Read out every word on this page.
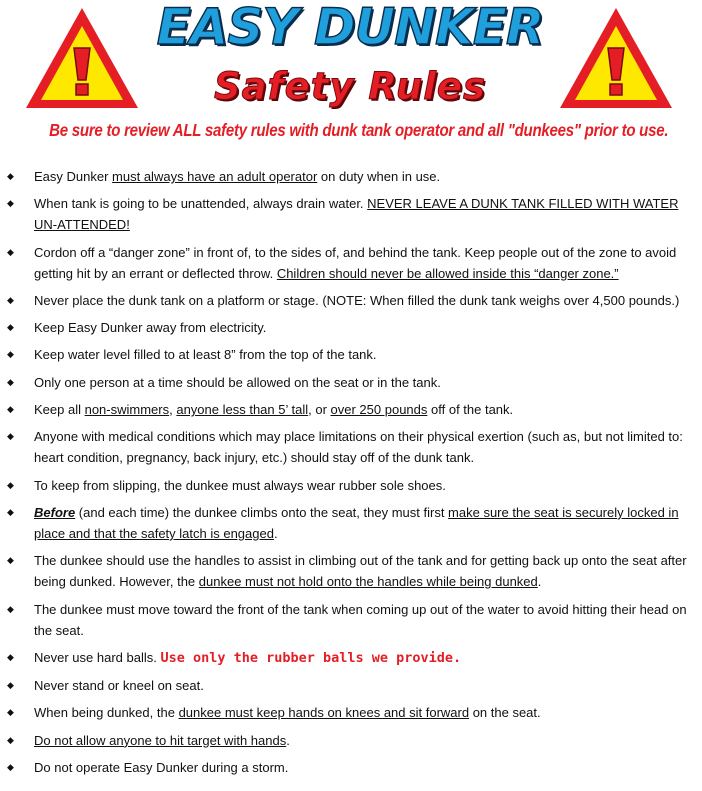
EASY DUNKER
Safety Rules
Be sure to review ALL safety rules with dunk tank operator and all "dunkees" prior to use.
◆ Easy Dunker must always have an adult operator on duty when in use.
◆ When tank is going to be unattended, always drain water. NEVER LEAVE A DUNK TANK FILLED WITH WATER UN-ATTENDED!
◆ Cordon off a “danger zone” in front of, to the sides of, and behind the tank. Keep people out of the zone to avoid getting hit by an errant or deflected throw. Children should never be allowed inside this “danger zone.”
◆ Never place the dunk tank on a platform or stage. (NOTE: When filled the dunk tank weighs over 4,500 pounds.)
◆ Keep Easy Dunker away from electricity.
◆ Keep water level filled to at least 8” from the top of the tank.
◆ Only one person at a time should be allowed on the seat or in the tank.
◆ Keep all non-swimmers, anyone less than 5’ tall, or over 250 pounds off of the tank.
◆ Anyone with medical conditions which may place limitations on their physical exertion (such as, but not limited to: heart condition, pregnancy, back injury, etc.) should stay off of the dunk tank.
◆ To keep from slipping, the dunkee must always wear rubber sole shoes.
◆ Before (and each time) the dunkee climbs onto the seat, they must first make sure the seat is securely locked in place and that the safety latch is engaged.
◆ The dunkee should use the handles to assist in climbing out of the tank and for getting back up onto the seat after being dunked. However, the dunkee must not hold onto the handles while being dunked.
◆ The dunkee must move toward the front of the tank when coming up out of the water to avoid hitting their head on the seat.
◆ Never use hard balls. Use only the rubber balls we provide.
◆ Never stand or kneel on seat.
◆ When being dunked, the dunkee must keep hands on knees and sit forward on the seat.
◆ Do not allow anyone to hit target with hands.
◆ Do not operate Easy Dunker during a storm.
